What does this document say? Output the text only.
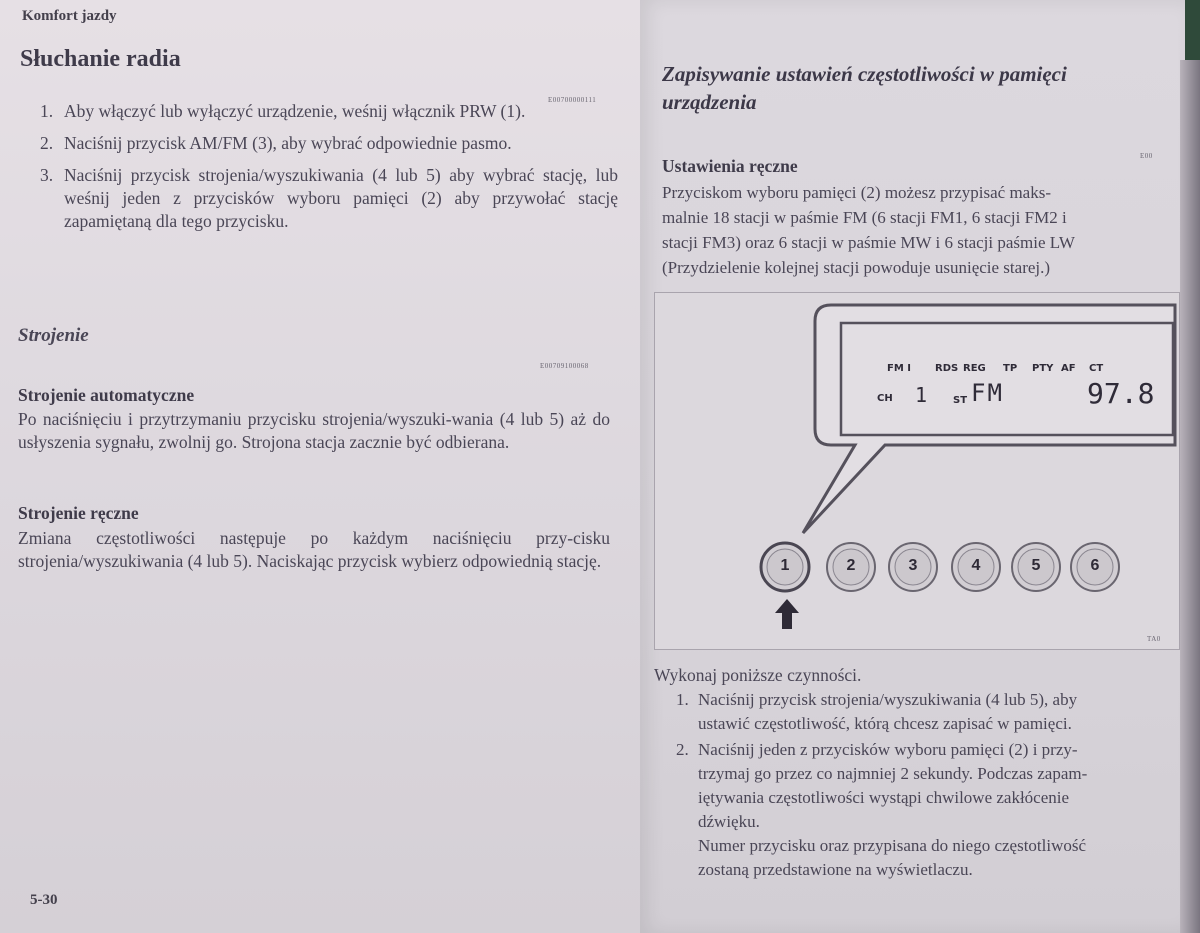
Komfort jazdy
Słuchanie radia
E00700000111
1. Aby włączyć lub wyłączyć urządzenie, weśnij włącznik PRW (1).
2. Naciśnij przycisk AM/FM (3), aby wybrać odpowiednie pasmo.
3. Naciśnij przycisk strojenia/wyszukiwania (4 lub 5) aby wybrać stację, lub weśnij jeden z przycisków wyboru pamięci (2) aby przywołać stację zapamiętaną dla tego przycisku.
Strojenie
E00709100068
Strojenie automatyczne
Po naciśnięciu i przytrzymaniu przycisku strojenia/wyszuki-wania (4 lub 5) aż do usłyszenia sygnału, zwolnij go. Strojona stacja zacznie być odbierana.
Strojenie ręczne
Zmiana częstotliwości następuje po każdym naciśnięciu przy-cisku strojenia/wyszukiwania (4 lub 5). Naciskając przycisk wybierz odpowiednią stację.
5-30
Zapisywanie ustawień częstotliwości w pamięci
urządzenia
Ustawienia ręczne	E00
Przyciskom wyboru pamięci (2) możesz przypisać maks-
malnie 18 stacji w paśmie FM (6 stacji FM1, 6 stacji FM2 i
stacji FM3) oraz 6 stacji w paśmie MW i 6 stacji paśmie LW
(Przydzielenie kolejnej stacji powoduje usunięcie starej.)
FM I RDS REG TP PTY AF CT
CH 1	ST FM	97.8
1	2	3	4	5	6
TA0
Wykonaj poniższe czynności.
1. Naciśnij przycisk strojenia/wyszukiwania (4 lub 5), aby
ustawić częstotliwość, którą chcesz zapisać w pamięci.
2. Naciśnij jeden z przycisków wyboru pamięci (2) i przy-
trzymaj go przez co najmniej 2 sekundy. Podczas zapam-
iętywania częstotliwości wystąpi chwilowe zakłócenie
dźwięku.
Numer przycisku oraz przypisana do niego częstotliwość
zostaną przedstawione na wyświetlaczu.
